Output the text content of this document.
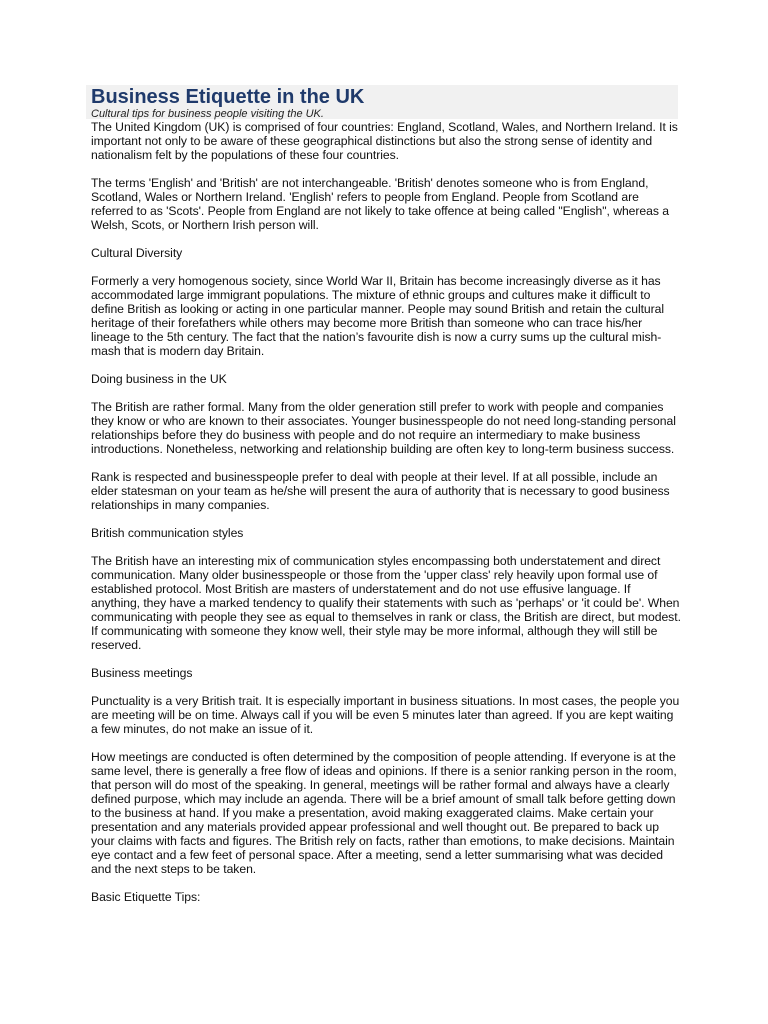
Business Etiquette in the UK
Cultural tips for business people visiting the UK.

The United Kingdom (UK) is comprised of four countries: England, Scotland, Wales, and Northern Ireland. It is important not only to be aware of these geographical distinctions but also the strong sense of identity and nationalism felt by the populations of these four countries.

The terms 'English' and 'British' are not interchangeable. 'British' denotes someone who is from England, Scotland, Wales or Northern Ireland. 'English' refers to people from England. People from Scotland are referred to as 'Scots'. People from England are not likely to take offence at being called "English", whereas a Welsh, Scots, or Northern Irish person will.

Cultural Diversity

Formerly a very homogenous society, since World War II, Britain has become increasingly diverse as it has accommodated large immigrant populations. The mixture of ethnic groups and cultures make it difficult to define British as looking or acting in one particular manner. People may sound British and retain the cultural heritage of their forefathers while others may become more British than someone who can trace his/her lineage to the 5th century. The fact that the nation’s favourite dish is now a curry sums up the cultural mish-mash that is modern day Britain.

Doing business in the UK

The British are rather formal. Many from the older generation still prefer to work with people and companies they know or who are known to their associates. Younger businesspeople do not need long-standing personal relationships before they do business with people and do not require an intermediary to make business introductions. Nonetheless, networking and relationship building are often key to long-term business success.

Rank is respected and businesspeople prefer to deal with people at their level. If at all possible, include an elder statesman on your team as he/she will present the aura of authority that is necessary to good business relationships in many companies.

British communication styles

The British have an interesting mix of communication styles encompassing both understatement and direct communication. Many older businesspeople or those from the 'upper class' rely heavily upon formal use of established protocol. Most British are masters of understatement and do not use effusive language. If anything, they have a marked tendency to qualify their statements with such as 'perhaps' or 'it could be'. When communicating with people they see as equal to themselves in rank or class, the British are direct, but modest. If communicating with someone they know well, their style may be more informal, although they will still be reserved.

Business meetings

Punctuality is a very British trait. It is especially important in business situations. In most cases, the people you are meeting will be on time. Always call if you will be even 5 minutes later than agreed. If you are kept waiting a few minutes, do not make an issue of it.

How meetings are conducted is often determined by the composition of people attending. If everyone is at the same level, there is generally a free flow of ideas and opinions. If there is a senior ranking person in the room, that person will do most of the speaking. In general, meetings will be rather formal and always have a clearly defined purpose, which may include an agenda. There will be a brief amount of small talk before getting down to the business at hand. If you make a presentation, avoid making exaggerated claims. Make certain your presentation and any materials provided appear professional and well thought out. Be prepared to back up your claims with facts and figures. The British rely on facts, rather than emotions, to make decisions. Maintain eye contact and a few feet of personal space. After a meeting, send a letter summarising what was decided and the next steps to be taken.

Basic Etiquette Tips:
